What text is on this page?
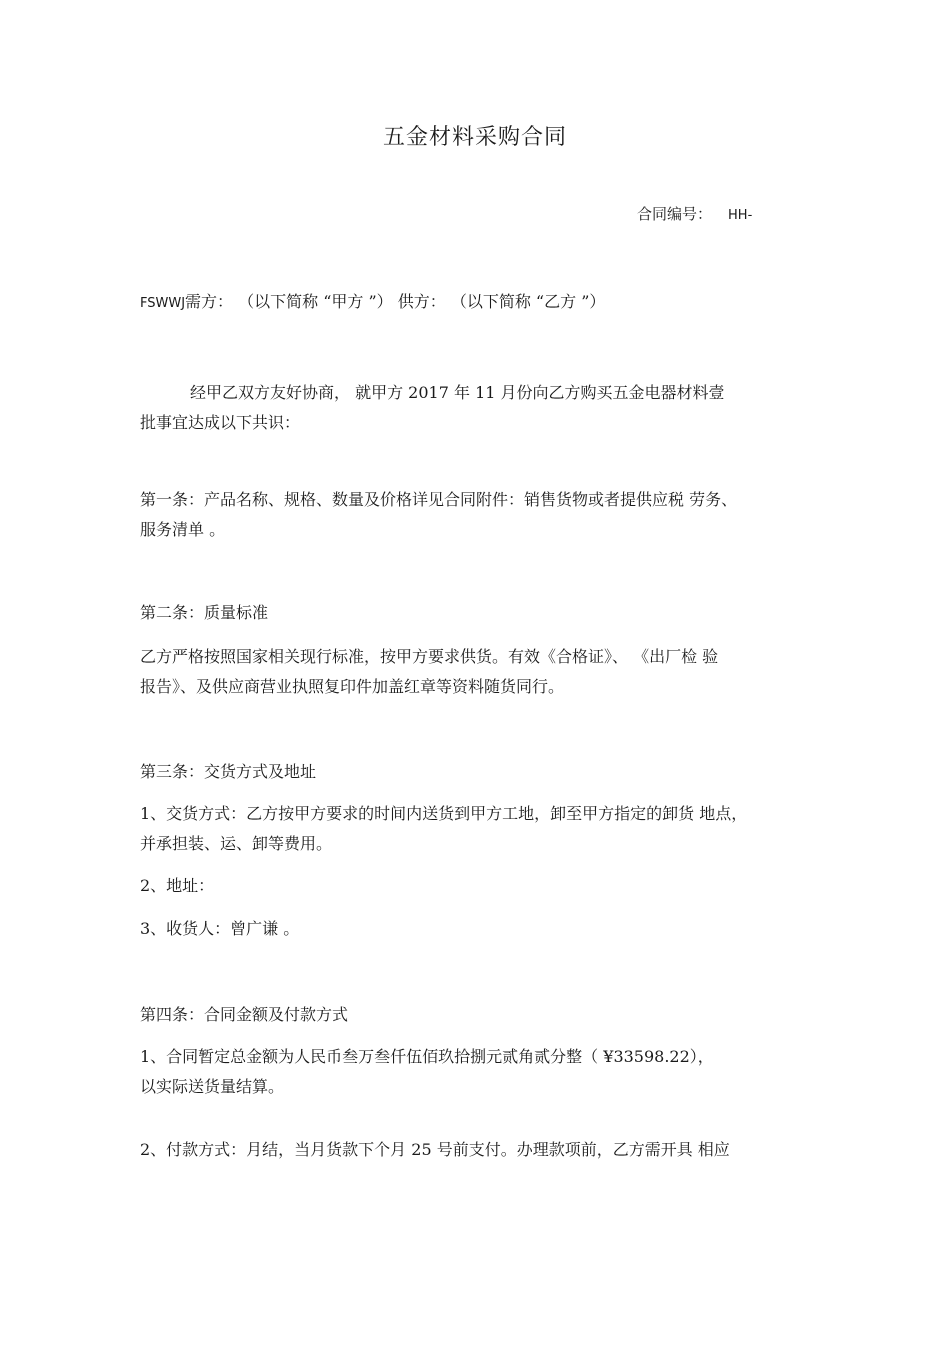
五金材料采购合同
合同编号： HH-
FSWWJ需方： （以下简称 “甲方 ”） 供方： （以下简称 “乙方 ”）
经甲乙双方友好协商， 就甲方 2017 年 11 月份向乙方购买五金电器材料壹
批事宜达成以下共识：
第一条：产品名称、规格、数量及价格详见合同附件：销售货物或者提供应税 劳务、
服务清单 。
第二条：质量标准
乙方严格按照国家相关现行标准，按甲方要求供货。有效《合格证》、 《出厂检 验
报告》、及供应商营业执照复印件加盖红章等资料随货同行。
第三条：交货方式及地址
1、交货方式：乙方按甲方要求的时间内送货到甲方工地，卸至甲方指定的卸货 地点，
并承担装、运、卸等费用。
2、地址：
3、收货人：曾广谦 。
第四条：合同金额及付款方式
1、合同暂定总金额为人民币叁万叁仟伍佰玖拾捌元贰角贰分整（ ¥33598.22），
以实际送货量结算。
2、付款方式：月结，当月货款下个月 25 号前支付。办理款项前，乙方需开具 相应
